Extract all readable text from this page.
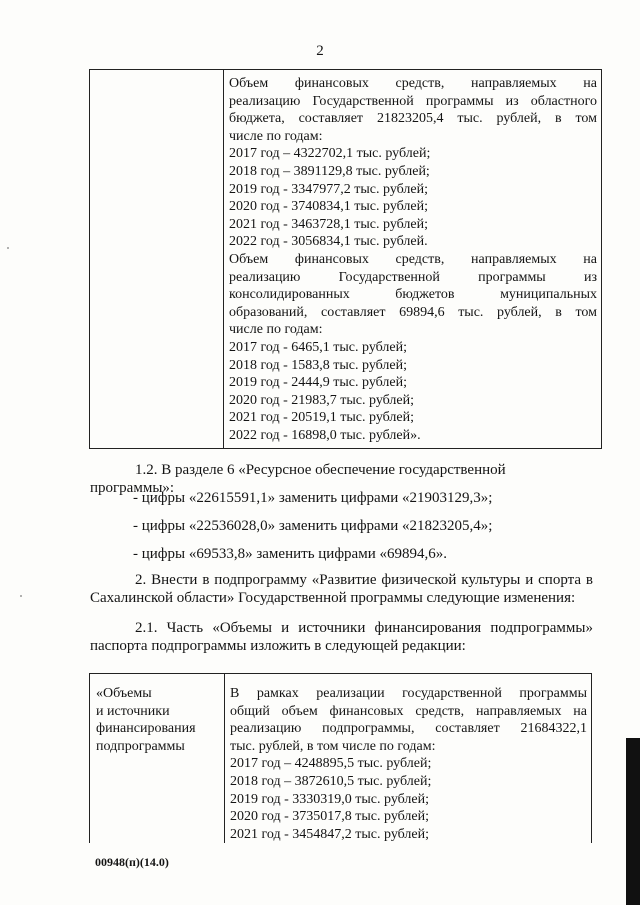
2

Объем финансовых средств, направляемых на
реализацию Государственной программы из областного
бюджета, составляет 21823205,4 тыс. рублей, в том
числе по годам:
2017 год – 4322702,1 тыс. рублей;
2018 год – 3891129,8 тыс. рублей;
2019 год - 3347977,2 тыс. рублей;
2020 год - 3740834,1 тыс. рублей;
2021 год - 3463728,1 тыс. рублей;
2022 год - 3056834,1 тыс. рублей.
Объем финансовых средств, направляемых на
реализацию Государственной программы из
консолидированных бюджетов муниципальных
образований, составляет 69894,6 тыс. рублей, в том
числе по годам:
2017 год - 6465,1 тыс. рублей;
2018 год - 1583,8 тыс. рублей;
2019 год - 2444,9 тыс. рублей;
2020 год - 21983,7 тыс. рублей;
2021 год - 20519,1 тыс. рублей;
2022 год - 16898,0 тыс. рублей».
1.2. В разделе 6 «Ресурсное обеспечение государственной программы»:
- цифры «22615591,1» заменить цифрами «21903129,3»;
- цифры «22536028,0» заменить цифрами «21823205,4»;
- цифры «69533,8» заменить цифрами «69894,6».
2. Внести в подпрограмму «Развитие физической культуры и спорта в
Сахалинской области» Государственной программы следующие изменения:
2.1. Часть «Объемы и источники финансирования подпрограммы»
паспорта подпрограммы изложить в следующей редакции:
«Объемы
и источники
финансирования
подпрограммы

В рамках реализации государственной программы
общий объем финансовых средств, направляемых на
реализацию подпрограммы, составляет 21684322,1
тыс. рублей, в том числе по годам:
2017 год – 4248895,5 тыс. рублей;
2018 год – 3872610,5 тыс. рублей;
2019 год - 3330319,0 тыс. рублей;
2020 год - 3735017,8 тыс. рублей;
2021 год - 3454847,2 тыс. рублей;
00948(п)(14.0)
